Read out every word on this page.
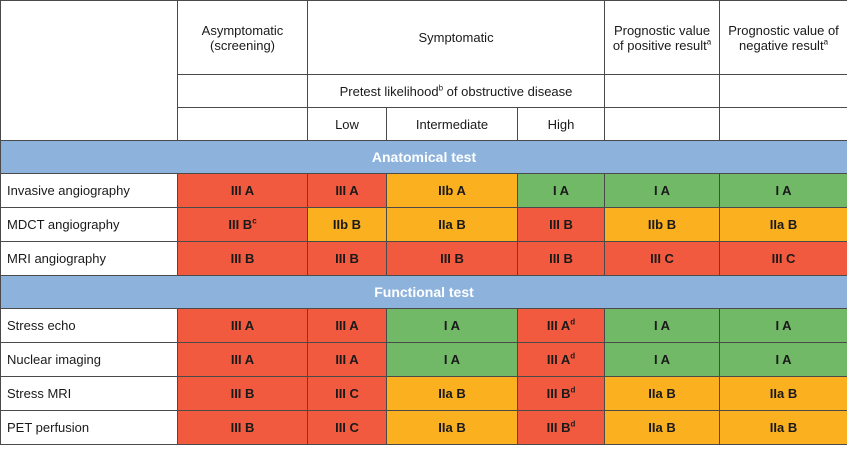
	Asymptomatic (screening)	Symptomatic			Prognostic value of positive result$^a$	Prognostic value of negative result$^a$

		Pretest likelihood$^b$ of obstructive disease				
		Low	Intermediate	High		
Anatomical test						
Invasive angiography	III A	III A	IIb A	I A	I A	I A
MDCT angiography	III $B^c$	IIb B	IIa B	III B	IIb B	IIa B
MRI angiography	III B	III B	III B	III B	III C	III C
Functional test						
Stress echo	III A	III A	I A	III $A^d$	I A	I A
Nuclear imaging	III A	III A	I A	III $A^d$	I A	I A
Stress MRI	III B	III C	IIa B	III $B^d$	IIa B	IIa B
PET perfusion	III B	III C	IIa B	III $B^d$	IIa B	IIa B
